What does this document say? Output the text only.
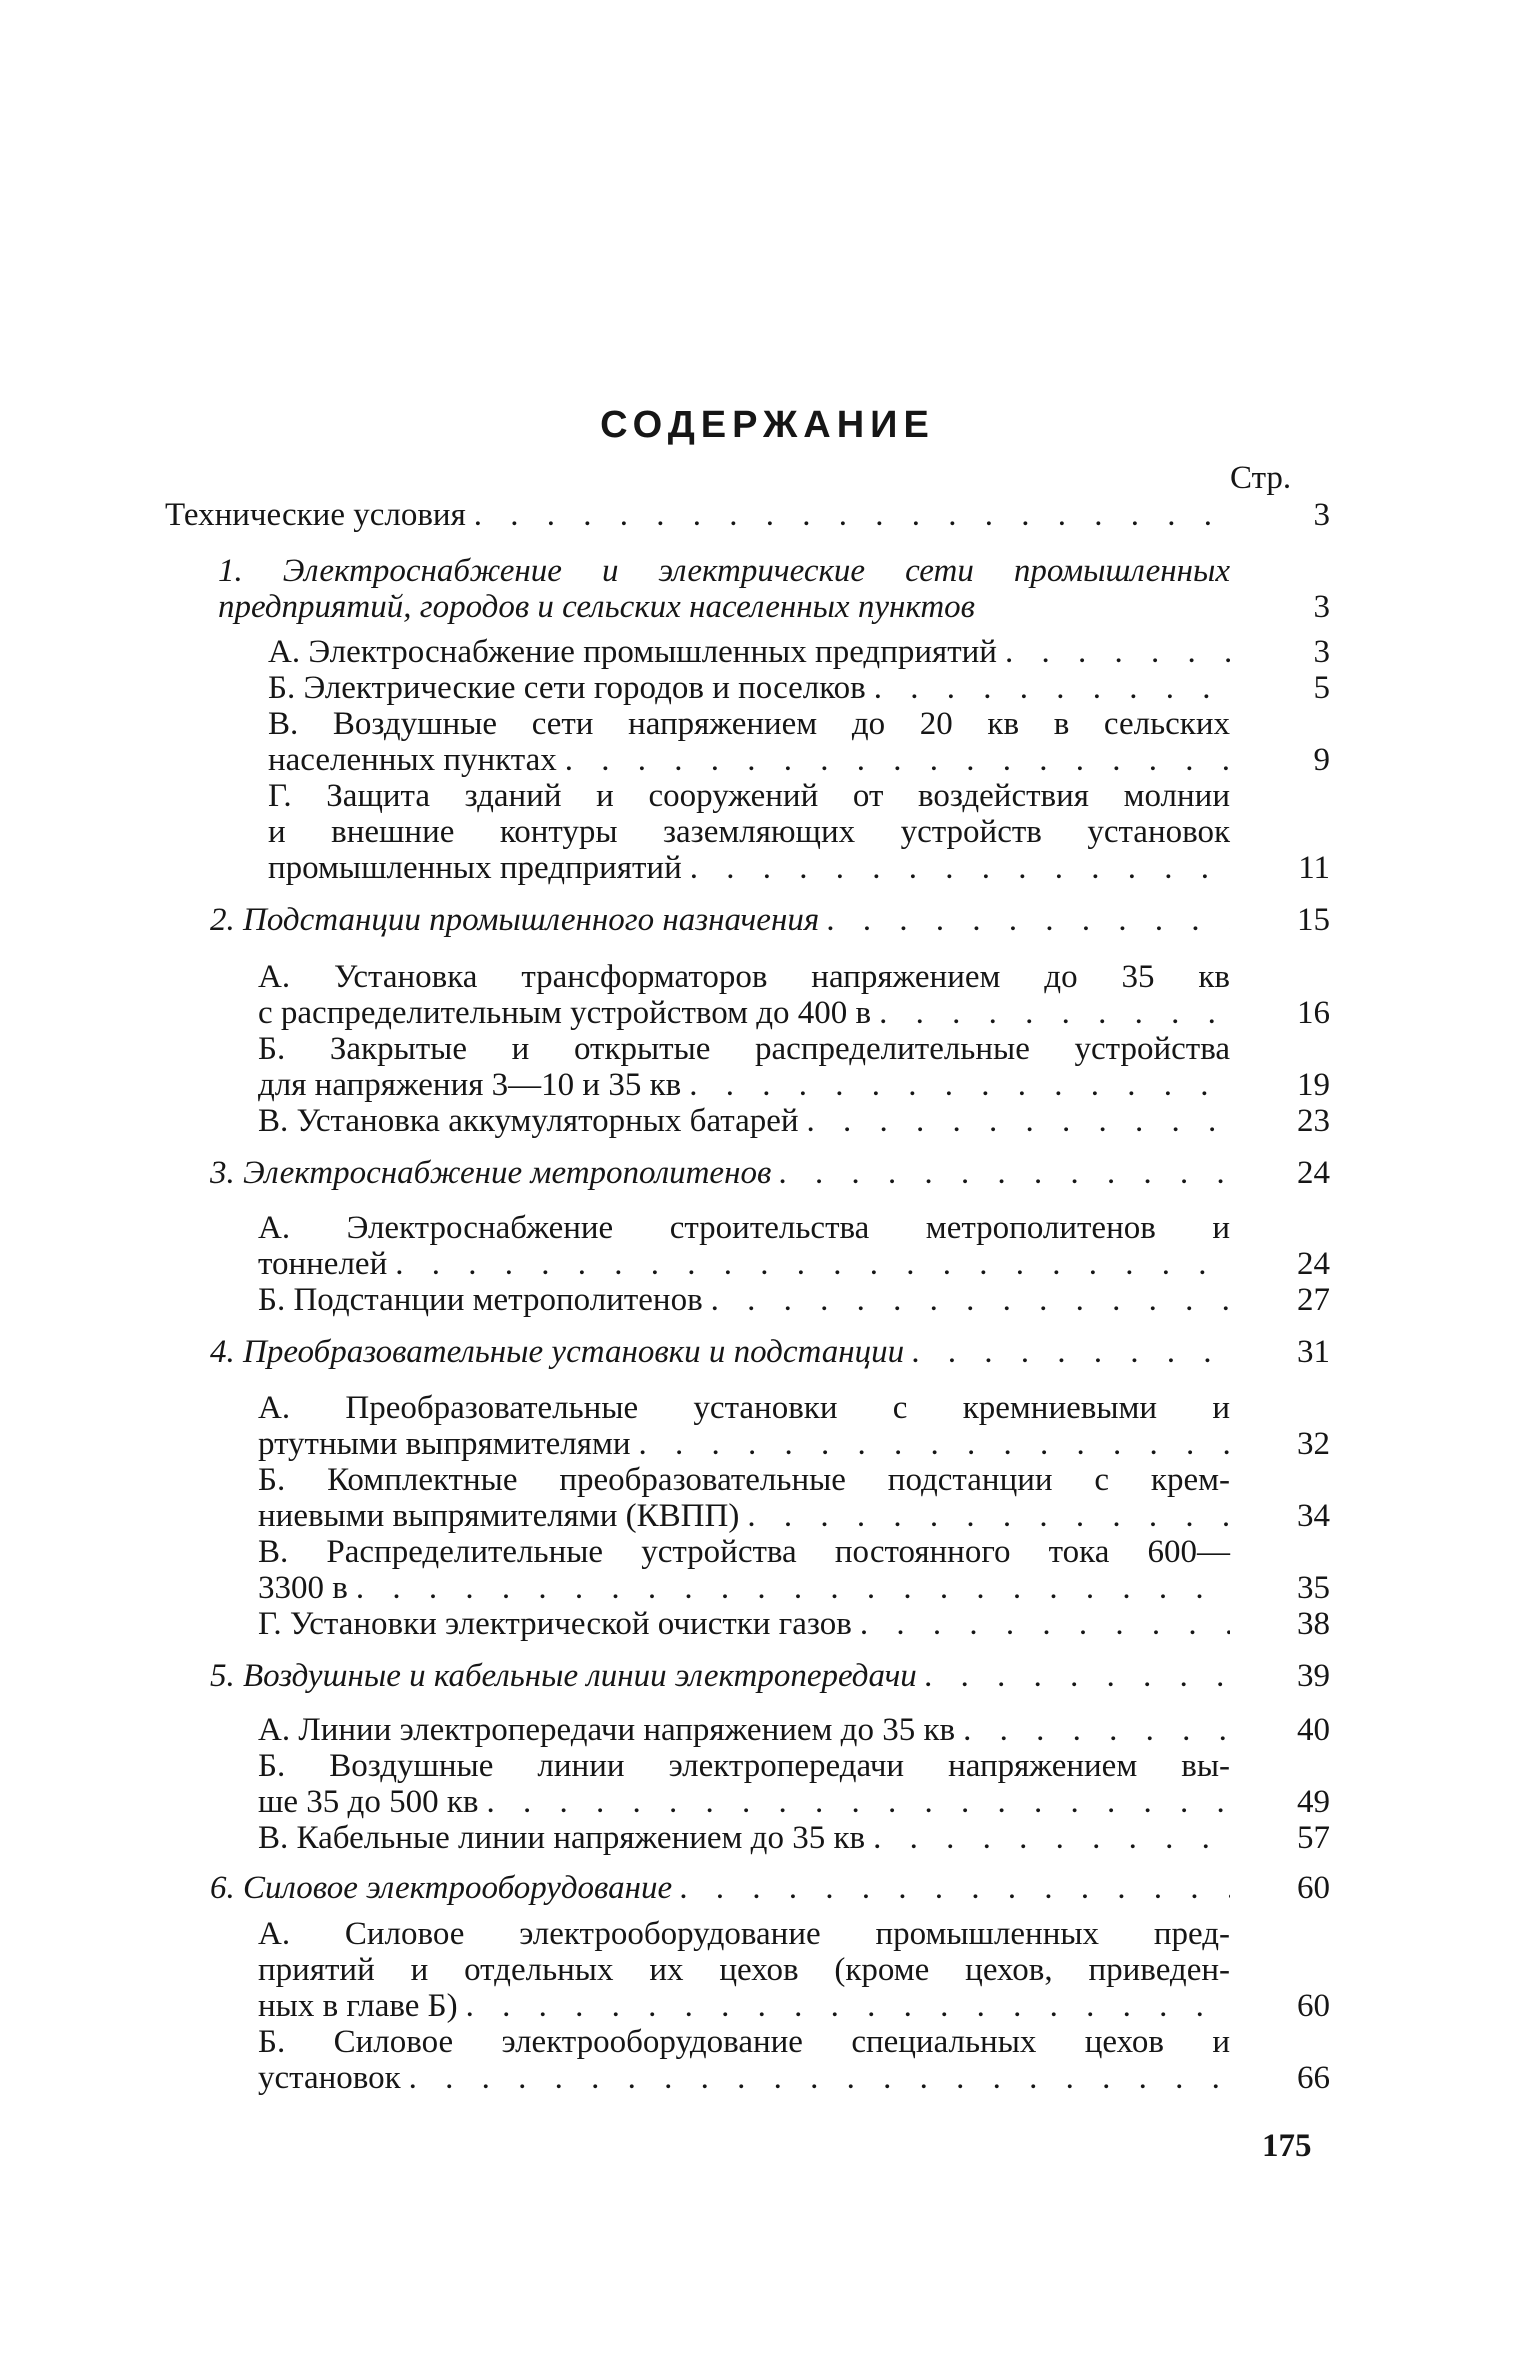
СОДЕРЖАНИЕ
Стр.
Технические условия . . .	3
1. Электроснабжение и электрические сети промышленных
предприятий, городов и сельских населенных пунктов	3
А. Электроснабжение промышленных предприятий . . .	3
Б. Электрические сети городов и поселков . . .	5
В. Воздушные сети напряжением до 20 кв в сельских
населенных пунктах . . .	9
Г. Защита зданий и сооружений от воздействия молнии
и внешние контуры заземляющих устройств установок
промышленных предприятий . . .	11
2. Подстанции промышленного назначения . . .	15
А. Установка трансформаторов напряжением до 35 кв
с распределительным устройством до 400 в . . .	16
Б. Закрытые и открытые распределительные устройства
для напряжения 3—10 и 35 кв . . .	19
В. Установка аккумуляторных батарей . . .	23
3. Электроснабжение метрополитенов . . .	24
А. Электроснабжение строительства метрополитенов и
тоннелей . . .	24
Б. Подстанции метрополитенов . . .	27
4. Преобразовательные установки и подстанции . . .	31
А. Преобразовательные установки с кремниевыми и
ртутными выпрямителями . . .	32
Б. Комплектные преобразовательные подстанции с крем-
ниевыми выпрямителями (КВПП) . . .	34
В. Распределительные устройства постоянного тока 600—
3300 в . . .	35
Г. Установки электрической очистки газов . . .	38
5. Воздушные и кабельные линии электропередачи . . .	39
А. Линии электропередачи напряжением до 35 кв . . .	40
Б. Воздушные линии электропередачи напряжением вы-
ше 35 до 500 кв . . .	49
В. Кабельные линии напряжением до 35 кв . . .	57
6. Силовое электрооборудование . . .	60
А. Силовое электрооборудование промышленных пред-
приятий и отдельных их цехов (кроме цехов, приведен-
ных в главе Б) . . .	60
Б. Силовое электрооборудование специальных цехов и
установок . . .	66
175
